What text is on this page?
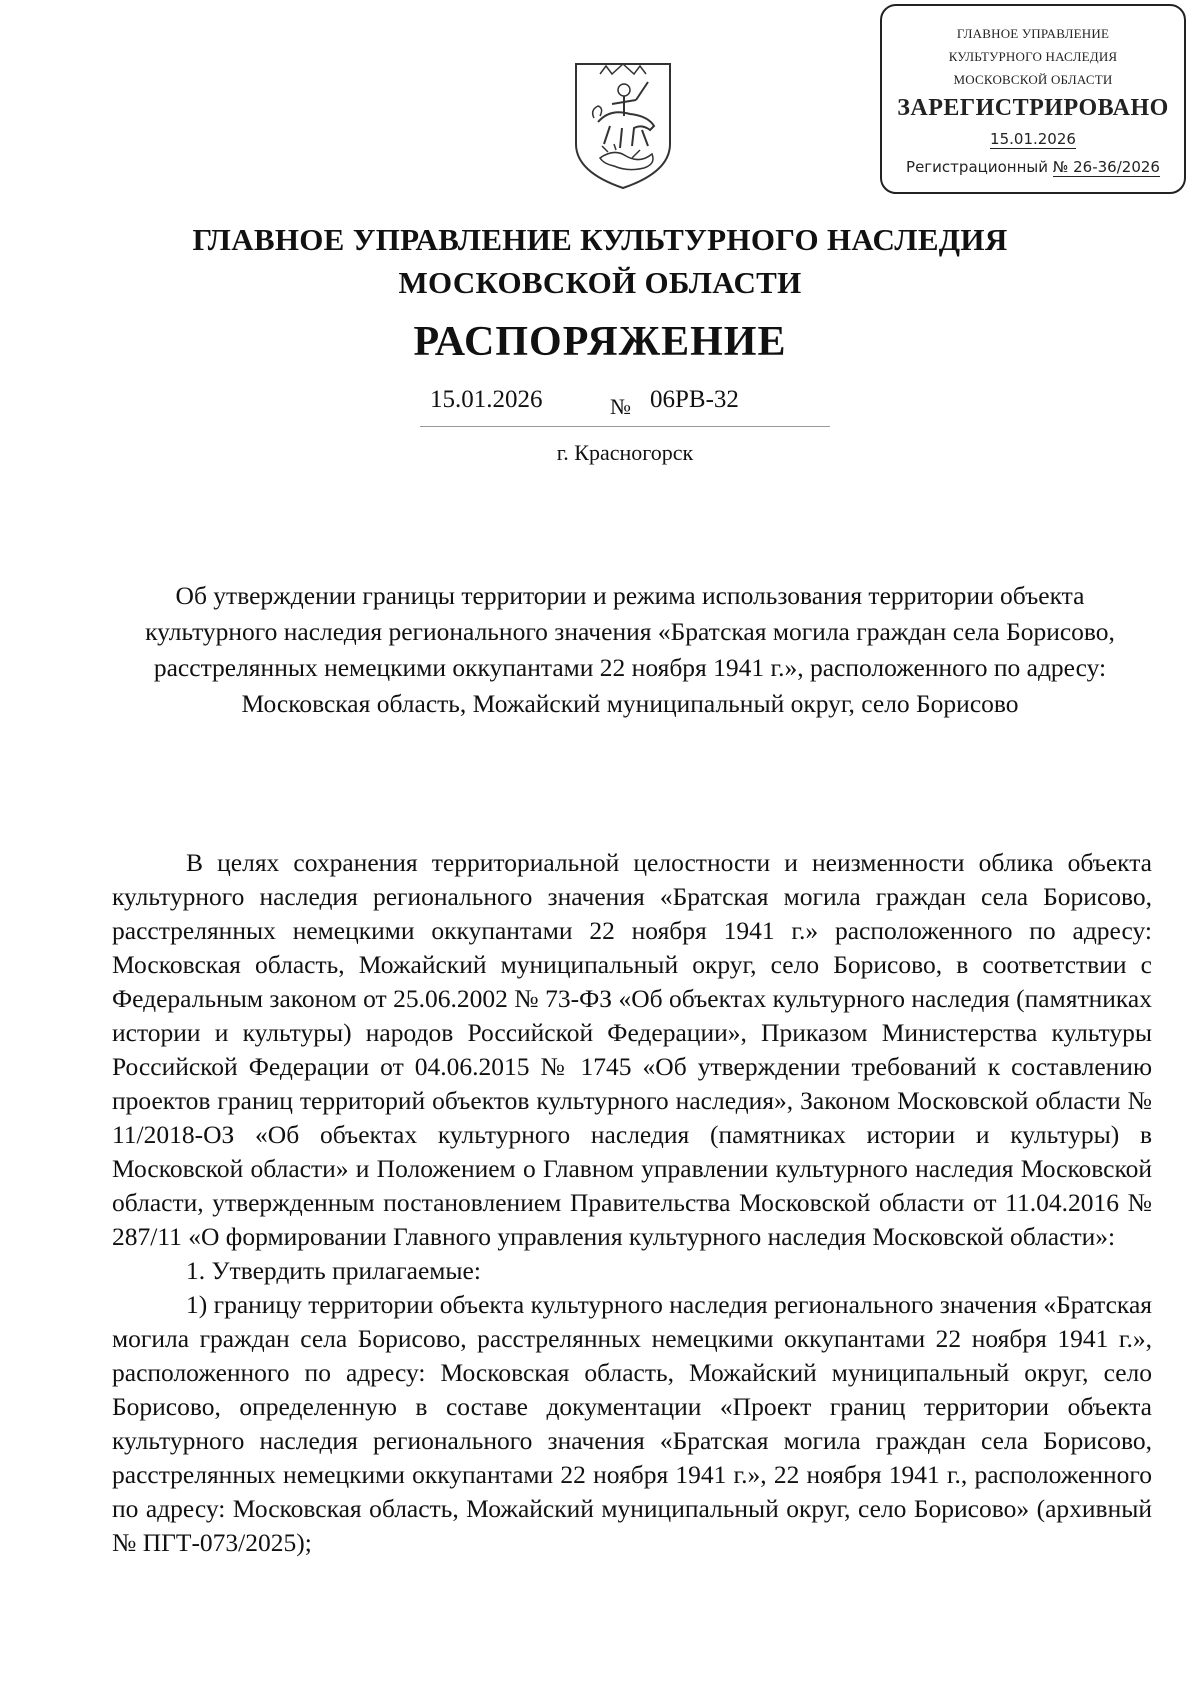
ГЛАВНОЕ УПРАВЛЕНИЕ
КУЛЬТУРНОГО НАСЛЕДИЯ
МОСКОВСКОЙ ОБЛАСТИ
ЗАРЕГИСТРИРОВАНО
15.01.2026
Регистрационный № 26-36/2026
ГЛАВНОЕ УПРАВЛЕНИЕ КУЛЬТУРНОГО НАСЛЕДИЯ
МОСКОВСКОЙ ОБЛАСТИ
РАСПОРЯЖЕНИЕ
15.01.2026	№ 06РВ-32
г. Красногорск
Об утверждении границы территории и режима использования территории объекта культурного наследия регионального значения «Братская могила граждан села Борисово, расстрелянных немецкими оккупантами 22 ноября 1941 г.», расположенного по адресу: Московская область, Можайский муниципальный округ, село Борисово

В целях сохранения территориальной целостности и неизменности облика объекта культурного наследия регионального значения «Братская могила граждан села Борисово, расстрелянных немецкими оккупантами 22 ноября 1941 г.» расположенного по адресу: Московская область, Можайский муниципальный округ, село Борисово, в соответствии с Федеральным законом от 25.06.2002 № 73-ФЗ «Об объектах культурного наследия (памятниках истории и культуры) народов Российской Федерации», Приказом Министерства культуры Российской Федерации от 04.06.2015 № 1745 «Об утверждении требований к составлению проектов границ территорий объектов культурного наследия», Законом Московской области № 11/2018-ОЗ «Об объектах культурного наследия (памятниках истории и культуры) в Московской области» и Положением о Главном управлении культурного наследия Московской области, утвержденным постановлением Правительства Московской области от 11.04.2016 № 287/11 «О формировании Главного управления культурного наследия Московской области»:

1. Утвердить прилагаемые:

1) границу территории объекта культурного наследия регионального значения «Братская могила граждан села Борисово, расстрелянных немецкими оккупантами 22 ноября 1941 г.», расположенного по адресу: Московская область, Можайский муниципальный округ, село Борисово, определенную в составе документации «Проект границ территории объекта культурного наследия регионального значения «Братская могила граждан села Борисово, расстрелянных немецкими оккупантами 22 ноября 1941 г.», 22 ноября 1941 г., расположенного по адресу: Московская область, Можайский муниципальный округ, село Борисово» (архивный № ПГТ-073/2025);
